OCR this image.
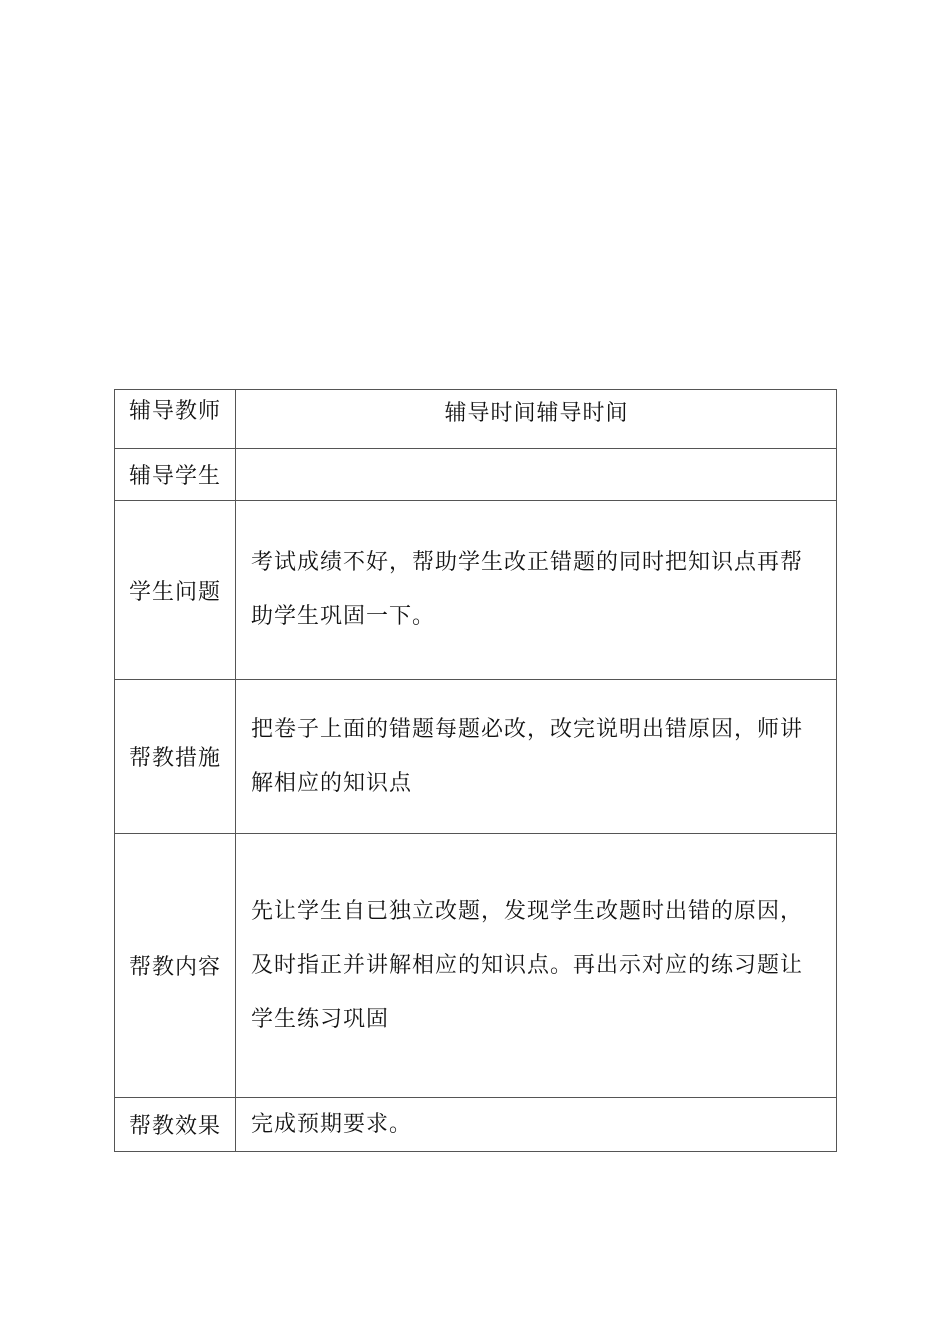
辅导教师	辅导时间辅导时间
辅导学生	
学生问题	考试成绩不好，帮助学生改正错题的同时把知识点再帮助学生巩固一下。
帮教措施	把卷子上面的错题每题必改，改完说明出错原因，师讲解相应的知识点
帮教内容	先让学生自已独立改题，发现学生改题时出错的原因，及时指正并讲解相应的知识点。再出示对应的练习题让学生练习巩固
帮教效果	完成预期要求。
